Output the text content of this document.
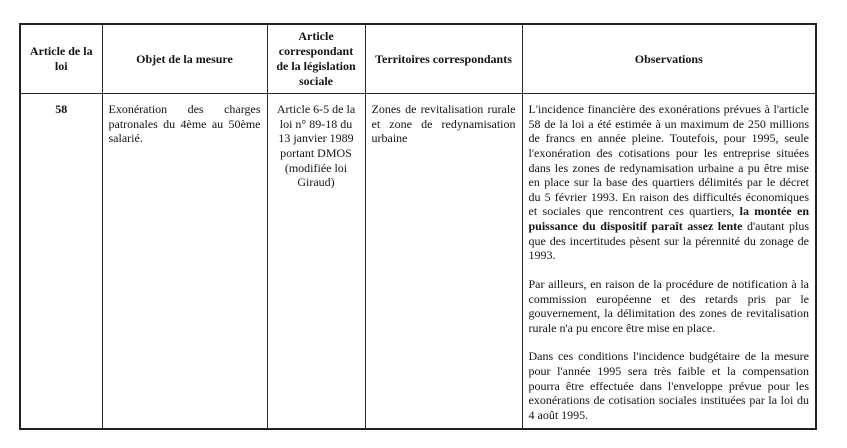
Article de la loi	Objet de la mesure	Article correspondant de la législation sociale	Territoires correspondants	Observations
58	Exonération des charges patronales du 4ème au 50ème salarié.	Article 6-5 de la loi n° 89-18 du 13 janvier 1989 portant DMOS (modifiée loi Giraud)	Zones de revitalisation rurale et zone de redynamisation urbaine	L'incidence financière des exonérations prévues à l'article 58 de la loi a été estimée à un maximum de 250 millions de francs en année pleine. Toutefois, pour 1995, seule l'exonération des cotisations pour les entreprise situées dans les zones de redynamisation urbaine a pu être mise en place sur la base des quartiers délimités par le décret du 5 février 1993. En raison des difficultés économiques et sociales que rencontrent ces quartiers, la montée en puissance du dispositif paraît assez lente d'autant plus que des incertitudes pèsent sur la pérennité du zonage de 1993.

Par ailleurs, en raison de la procédure de notification à la commission européenne et des retards pris par le gouvernement, la délimitation des zones de revitalisation rurale n'a pu encore être mise en place.

Dans ces conditions l'incidence budgétaire de la mesure pour l'année 1995 sera très faible et la compensation pourra être effectuée dans l'enveloppe prévue pour les exonérations de cotisation sociales instituées par la loi du 4 août 1995.
